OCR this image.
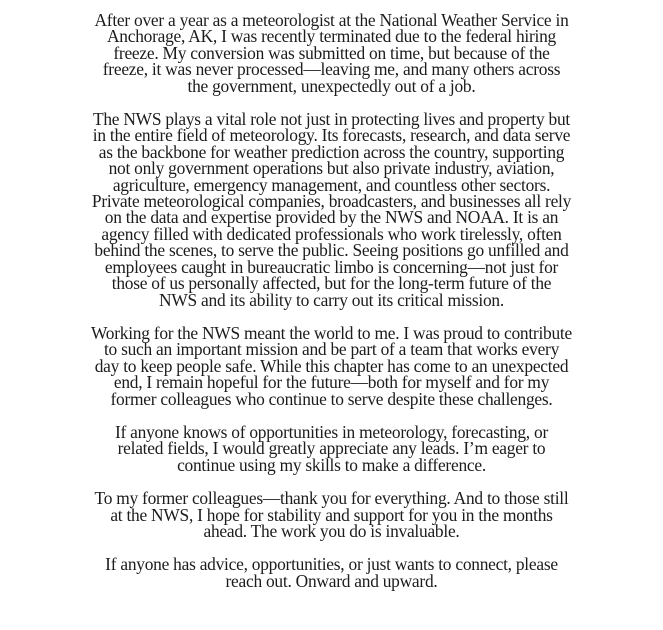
After over a year as a meteorologist at the National Weather Service in
Anchorage, AK, I was recently terminated due to the federal hiring
freeze. My conversion was submitted on time, but because of the
freeze, it was never processed—leaving me, and many others across
the government, unexpectedly out of a job.

The NWS plays a vital role not just in protecting lives and property but
in the entire field of meteorology. Its forecasts, research, and data serve
as the backbone for weather prediction across the country, supporting
not only government operations but also private industry, aviation,
agriculture, emergency management, and countless other sectors.
Private meteorological companies, broadcasters, and businesses all rely
on the data and expertise provided by the NWS and NOAA. It is an
agency filled with dedicated professionals who work tirelessly, often
behind the scenes, to serve the public. Seeing positions go unfilled and
employees caught in bureaucratic limbo is concerning—not just for
those of us personally affected, but for the long-term future of the
NWS and its ability to carry out its critical mission.

Working for the NWS meant the world to me. I was proud to contribute
to such an important mission and be part of a team that works every
day to keep people safe. While this chapter has come to an unexpected
end, I remain hopeful for the future—both for myself and for my
former colleagues who continue to serve despite these challenges.

If anyone knows of opportunities in meteorology, forecasting, or
related fields, I would greatly appreciate any leads. I’m eager to
continue using my skills to make a difference.

To my former colleagues—thank you for everything. And to those still
at the NWS, I hope for stability and support for you in the months
ahead. The work you do is invaluable.

If anyone has advice, opportunities, or just wants to connect, please
reach out. Onward and upward.
